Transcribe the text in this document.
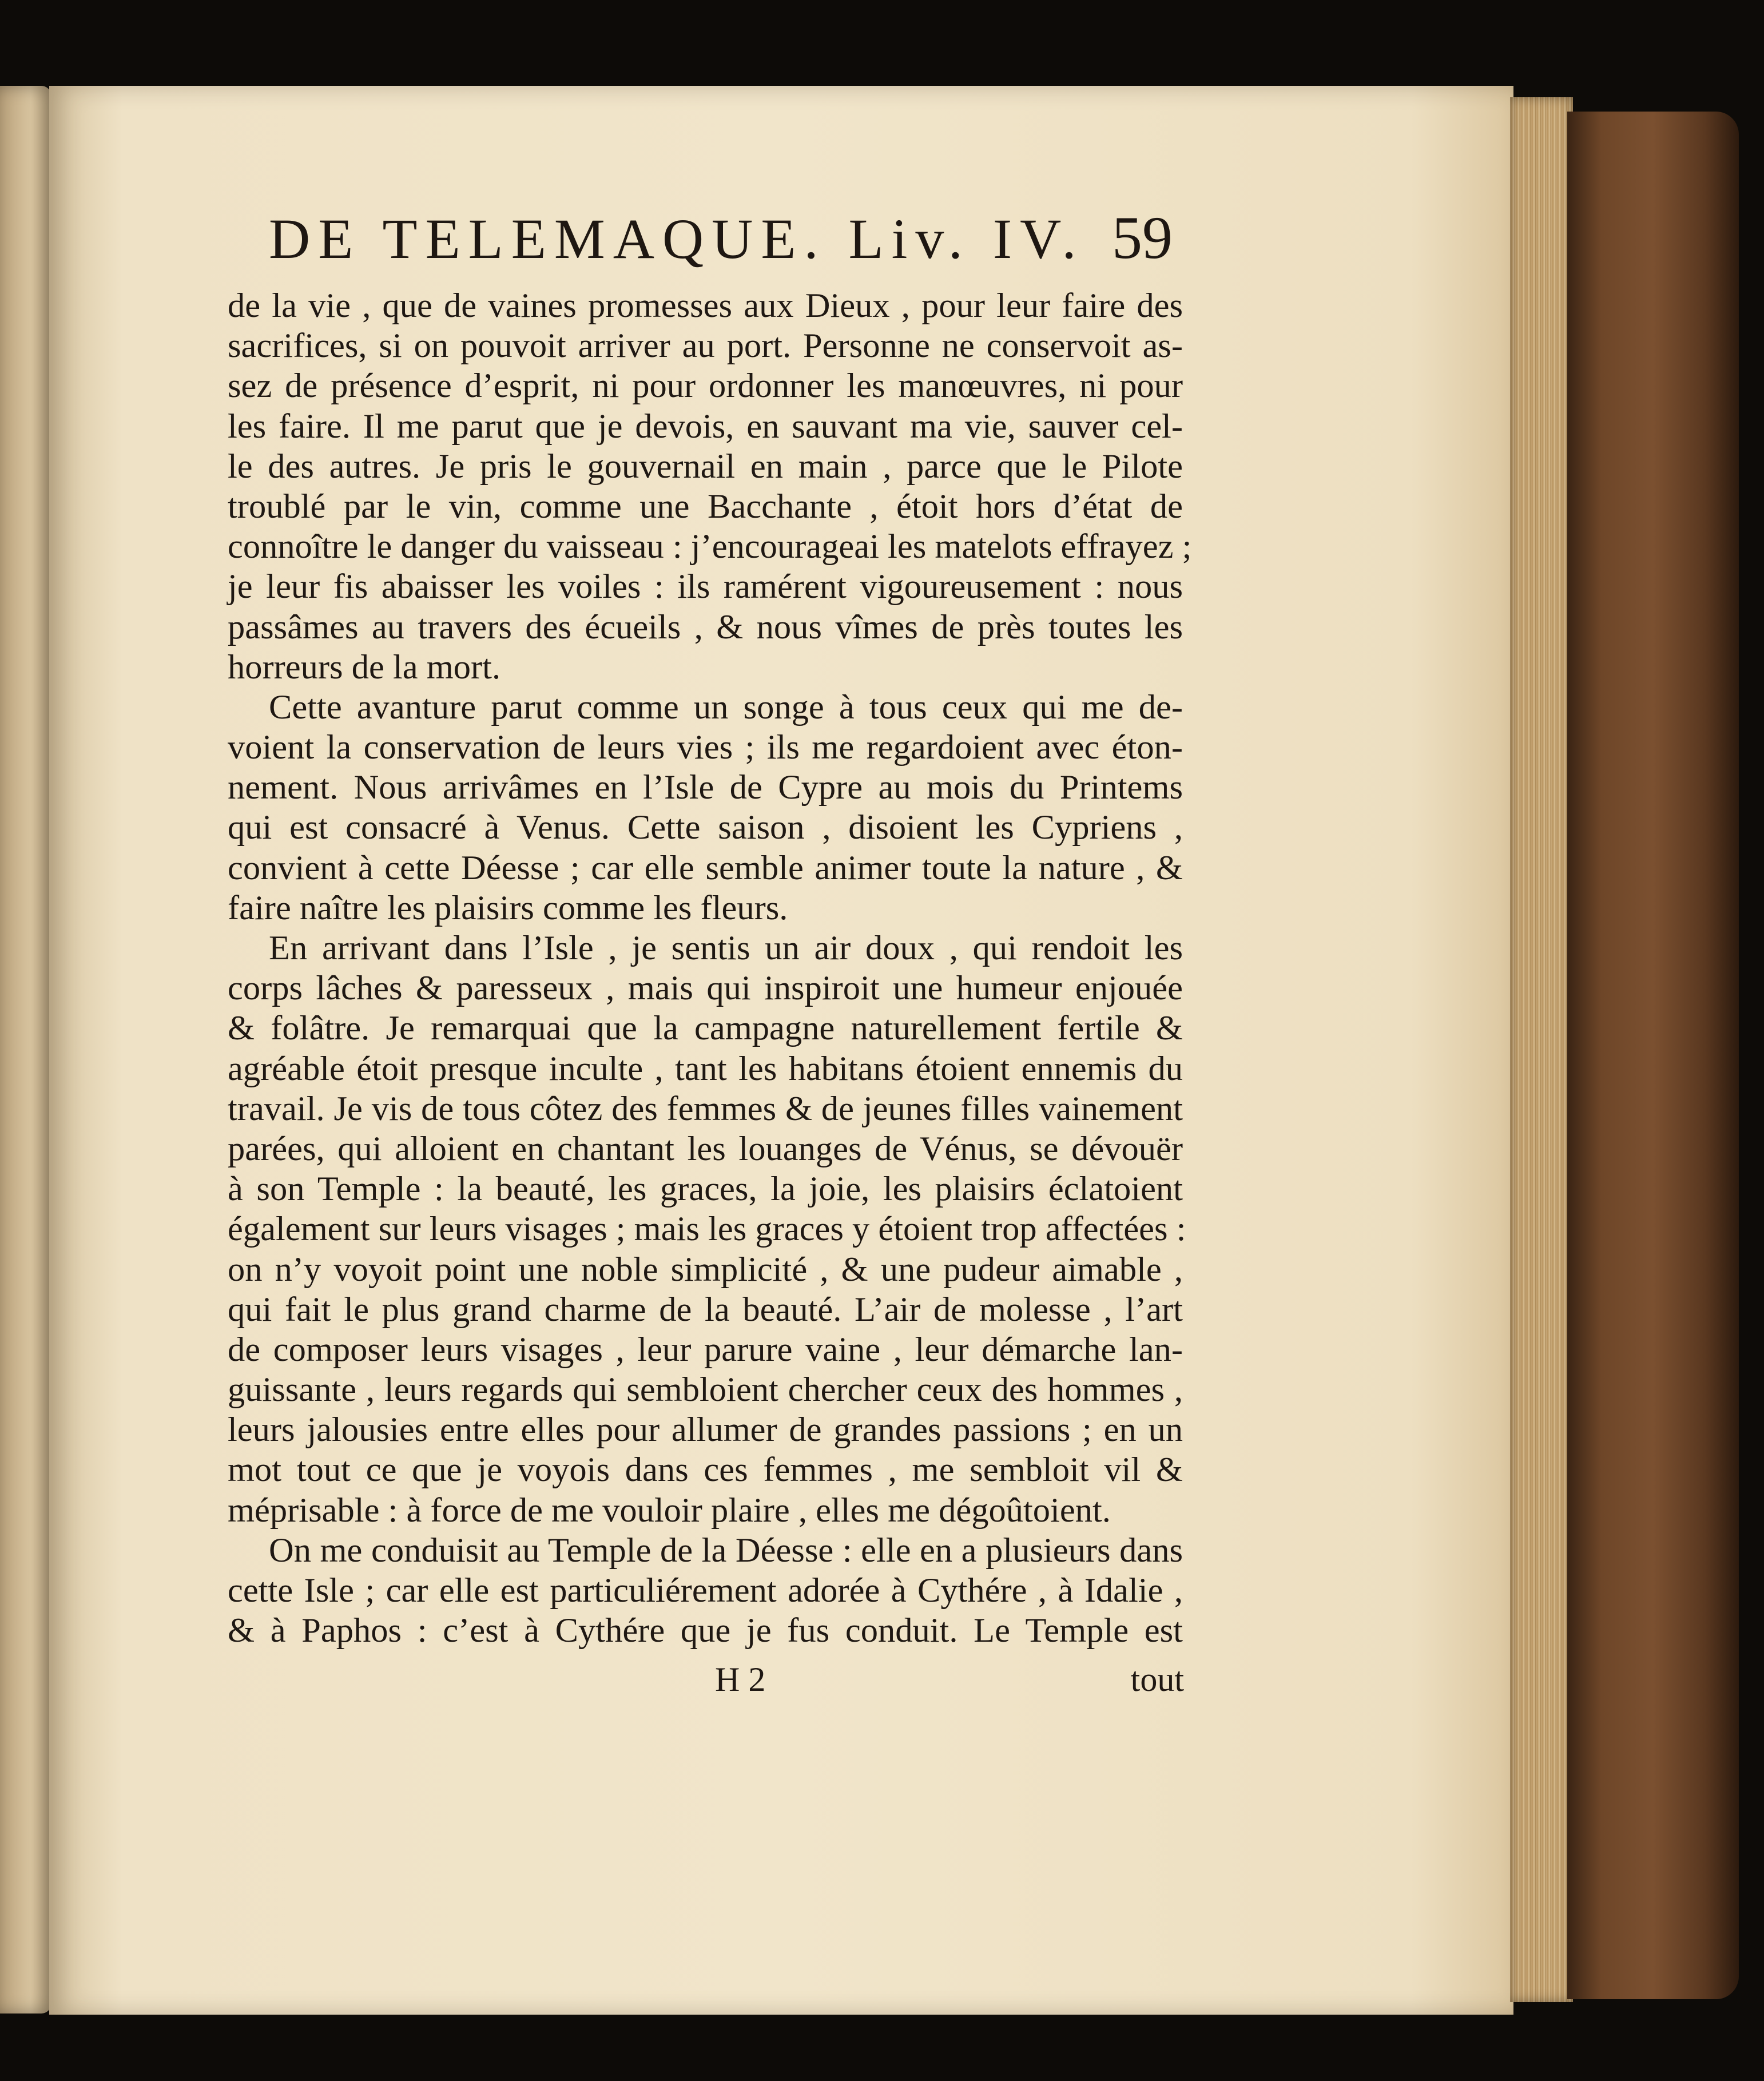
DE TELEMAQUE. Liv. IV. 59
de la vie , que de vaines promesses aux Dieux , pour leur faire des
sacrifices, si on pouvoit arriver au port. Personne ne conservoit as-
sez de présence d’esprit, ni pour ordonner les manœuvres, ni pour
les faire. Il me parut que je devois, en sauvant ma vie, sauver cel-
le des autres. Je pris le gouvernail en main , parce que le Pilote
troublé par le vin, comme une Bacchante , étoit hors d’état de
connoître le danger du vaisseau : j’encourageai les matelots effrayez ;
je leur fis abaisser les voiles : ils ramérent vigoureusement : nous
passâmes au travers des écueils , & nous vîmes de près toutes les
horreurs de la mort.
Cette avanture parut comme un songe à tous ceux qui me de-
voient la conservation de leurs vies ; ils me regardoient avec éton-
nement. Nous arrivâmes en l’Isle de Cypre au mois du Printems
qui est consacré à Venus. Cette saison , disoient les Cypriens ,
convient à cette Déesse ; car elle semble animer toute la nature , &
faire naître les plaisirs comme les fleurs.
En arrivant dans l’Isle , je sentis un air doux , qui rendoit les
corps lâches & paresseux , mais qui inspiroit une humeur enjouée
& folâtre. Je remarquai que la campagne naturellement fertile &
agréable étoit presque inculte , tant les habitans étoient ennemis du
travail. Je vis de tous côtez des femmes & de jeunes filles vainement
parées, qui alloient en chantant les louanges de Vénus, se dévouër
à son Temple : la beauté, les graces, la joie, les plaisirs éclatoient
également sur leurs visages ; mais les graces y étoient trop affectées :
on n’y voyoit point une noble simplicité , & une pudeur aimable ,
qui fait le plus grand charme de la beauté. L’air de molesse , l’art
de composer leurs visages , leur parure vaine , leur démarche lan-
guissante , leurs regards qui sembloient chercher ceux des hommes ,
leurs jalousies entre elles pour allumer de grandes passions ; en un
mot tout ce que je voyois dans ces femmes , me sembloit vil &
méprisable : à force de me vouloir plaire , elles me dégoûtoient.
On me conduisit au Temple de la Déesse : elle en a plusieurs dans
cette Isle ; car elle est particuliérement adorée à Cythére , à Idalie ,
& à Paphos : c’est à Cythére que je fus conduit. Le Temple est
H 2	tout
